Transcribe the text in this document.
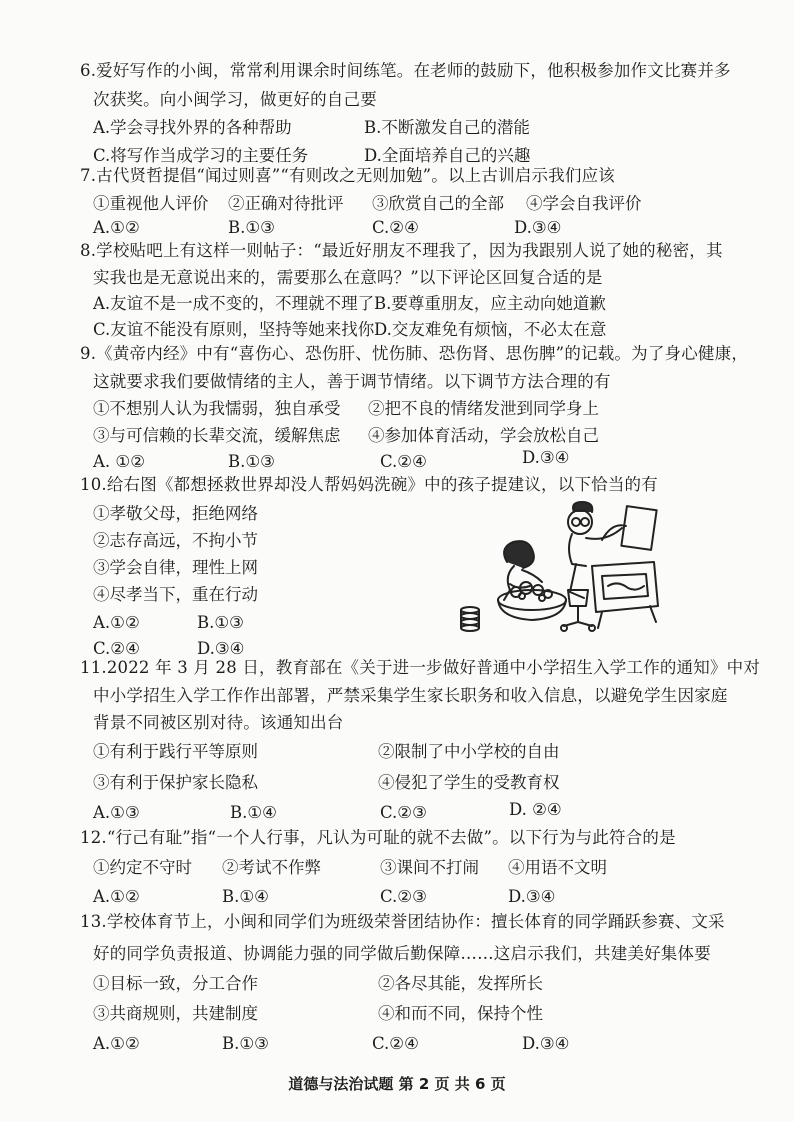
6.爱好写作的小闽，常常利用课余时间练笔。在老师的鼓励下，他积极参加作文比赛并多
次获奖。向小闽学习，做更好的自己要
A.学会寻找外界的各种帮助	B.不断激发自己的潜能
C.将写作当成学习的主要任务	D.全面培养自己的兴趣
7.古代贤哲提倡“闻过则喜”“有则改之无则加勉”。以上古训启示我们应该
①重视他人评价 ②正确对待批评 ③欣赏自己的全部 ④学会自我评价
A.①②	B.①③	C.②④	D.③④
8.学校贴吧上有这样一则帖子：“最近好朋友不理我了，因为我跟别人说了她的秘密，其
实我也是无意说出来的，需要那么在意吗？”以下评论区回复合适的是
A.友谊不是一成不变的，不理就不理了 B.要尊重朋友，应主动向她道歉
C.友谊不能没有原则，坚持等她来找你 D.交友难免有烦恼，不必太在意
9.《黄帝内经》中有“喜伤心、恐伤肝、忧伤肺、恐伤肾、思伤脾”的记载。为了身心健康，
这就要求我们要做情绪的主人，善于调节情绪。以下调节方法合理的有
①不想别人认为我懦弱，独自承受 ②把不良的情绪发泄到同学身上
③与可信赖的长辈交流，缓解焦虑 ④参加体育活动，学会放松自己
A. ①②	B.①③	C.②④	D.③④
10.给右图《都想拯救世界却没人帮妈妈洗碗》中的孩子提建议，以下恰当的有
①孝敬父母，拒绝网络
②志存高远，不拘小节
③学会自律，理性上网
④尽孝当下，重在行动
A.①②	B.①③
C.②④	D.③④
11.2022 年 3 月 28 日，教育部在《关于进一步做好普通中小学招生入学工作的通知》中对
中小学招生入学工作作出部署，严禁采集学生家长职务和收入信息，以避免学生因家庭
背景不同被区别对待。该通知出台
①有利于践行平等原则	②限制了中小学校的自由
③有利于保护家长隐私	④侵犯了学生的受教育权
A.①③	B.①④	C.②③	D. ②④
12.“行己有耻”指“一个人行事，凡认为可耻的就不去做”。以下行为与此符合的是
①约定不守时 ②考试不作弊	③课间不打闹 ④用语不文明
A.①②	B.①④	C.②③	D.③④
13.学校体育节上，小闽和同学们为班级荣誉团结协作：擅长体育的同学踊跃参赛、文采
好的同学负责报道、协调能力强的同学做后勤保障……这启示我们，共建美好集体要
①目标一致，分工合作	②各尽其能，发挥所长
③共商规则，共建制度	④和而不同，保持个性
A.①②	B.①③	C.②④	D.③④
道德与法治试题 第 2 页 共 6 页
